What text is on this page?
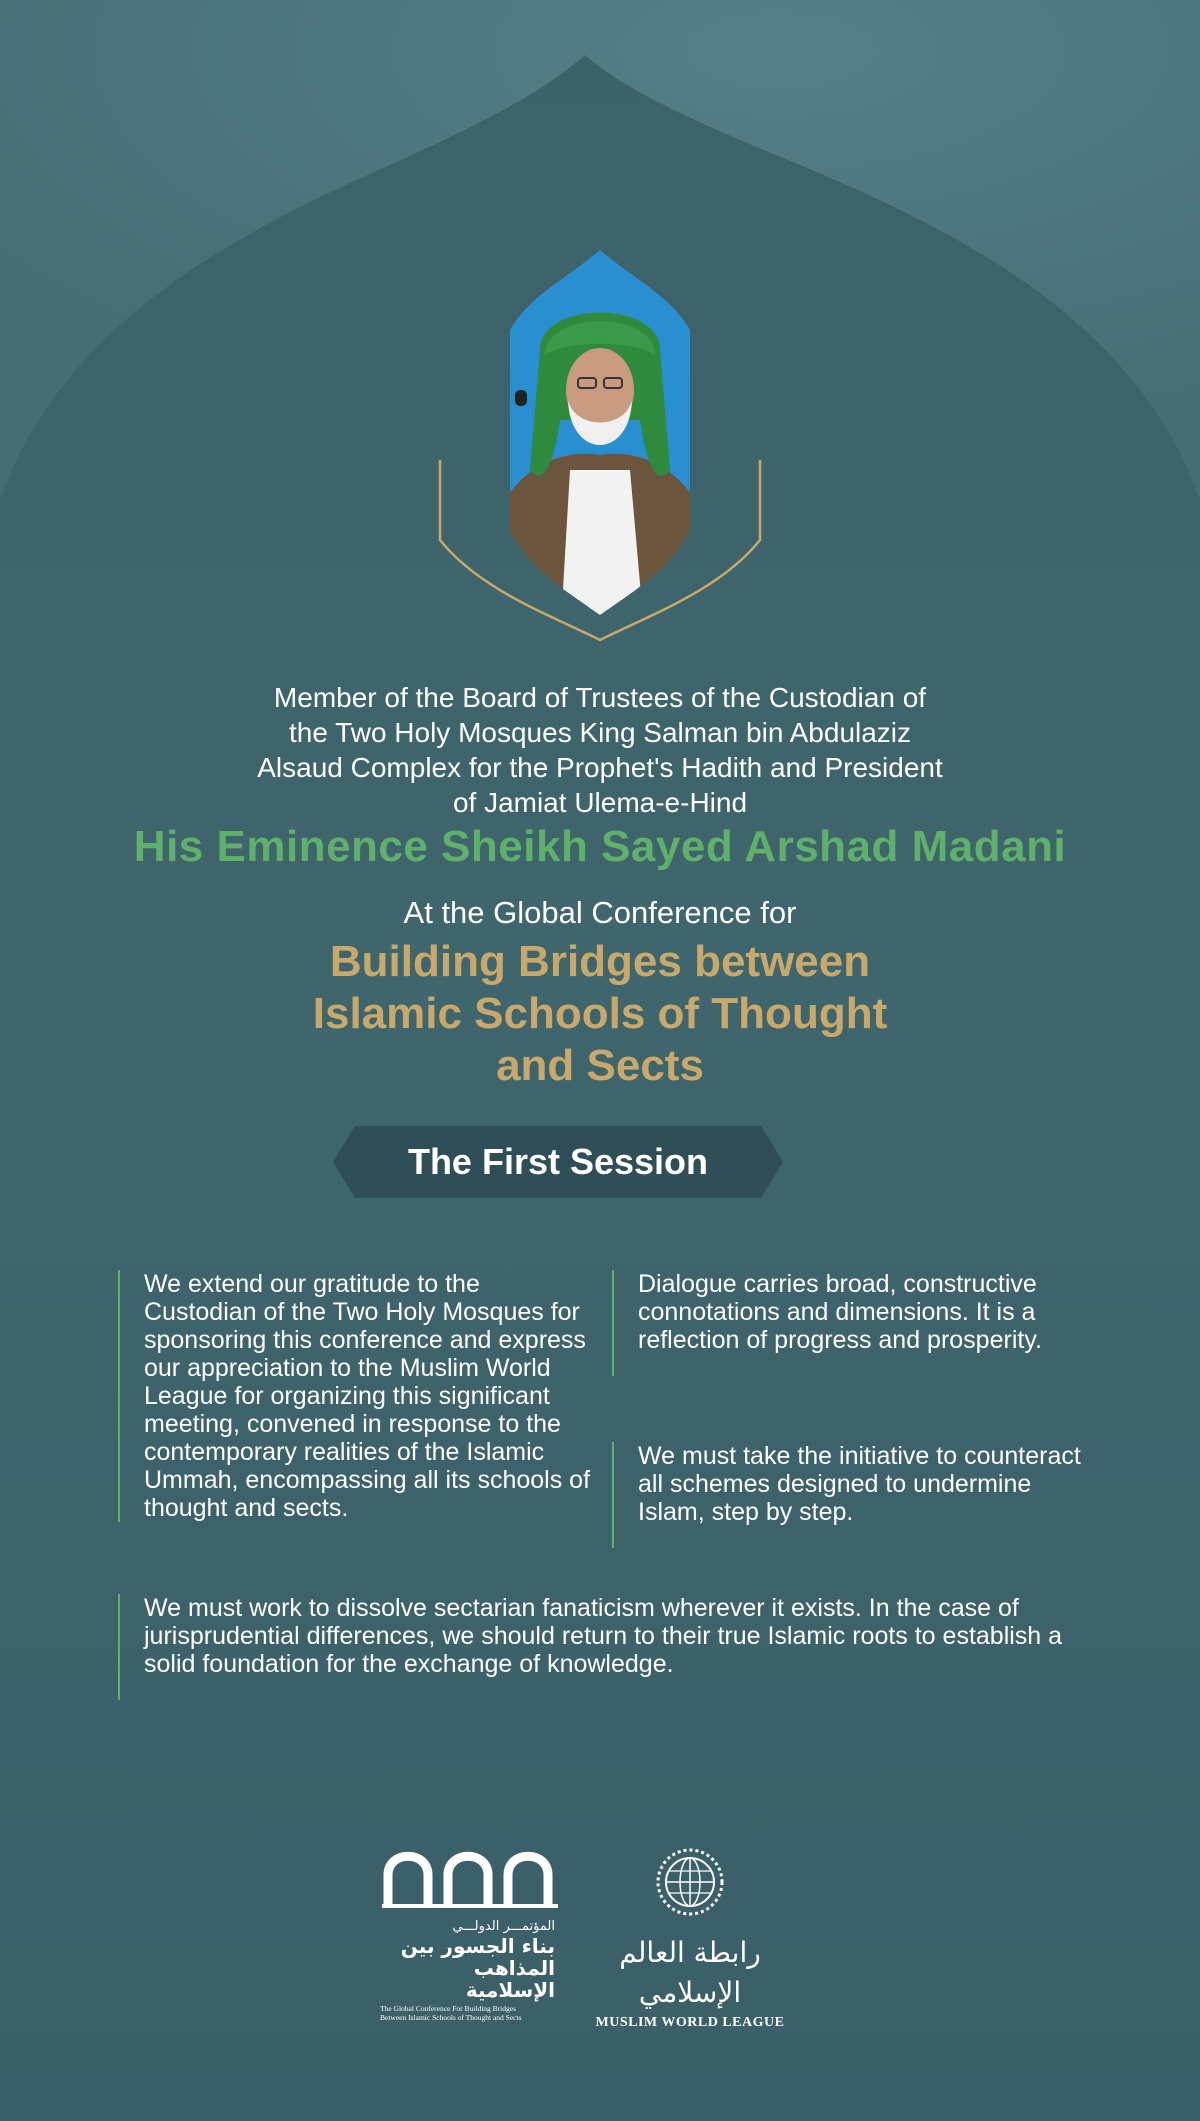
Member of the Board of Trustees of the Custodian of
the Two Holy Mosques King Salman bin Abdulaziz
Alsaud Complex for the Prophet's Hadith and President
of Jamiat Ulema-e-Hind
His Eminence Sheikh Sayed Arshad Madani
At the Global Conference for
Building Bridges between
Islamic Schools of Thought
and Sects
The First Session
We extend our gratitude to the Custodian of the Two Holy Mosques for sponsoring this conference and express our appreciation to the Muslim World League for organizing this significant meeting, convened in response to the contemporary realities of the Islamic Ummah, encompassing all its schools of thought and sects.
Dialogue carries broad, constructive connotations and dimensions. It is a reflection of progress and prosperity.
We must take the initiative to counteract all schemes designed to undermine Islam, step by step.
We must work to dissolve sectarian fanaticism wherever it exists. In the case of jurisprudential differences, we should return to their true Islamic roots to establish a solid foundation for the exchange of knowledge.
المؤتمـــر الدولـــي
بناء الجسور بين
المذاهب الإسلامية
The Global Conference For Building Bridges
Between Islamic Schools of Thought and Sects
رابطة العالم الإسلامي
MUSLIM WORLD LEAGUE
